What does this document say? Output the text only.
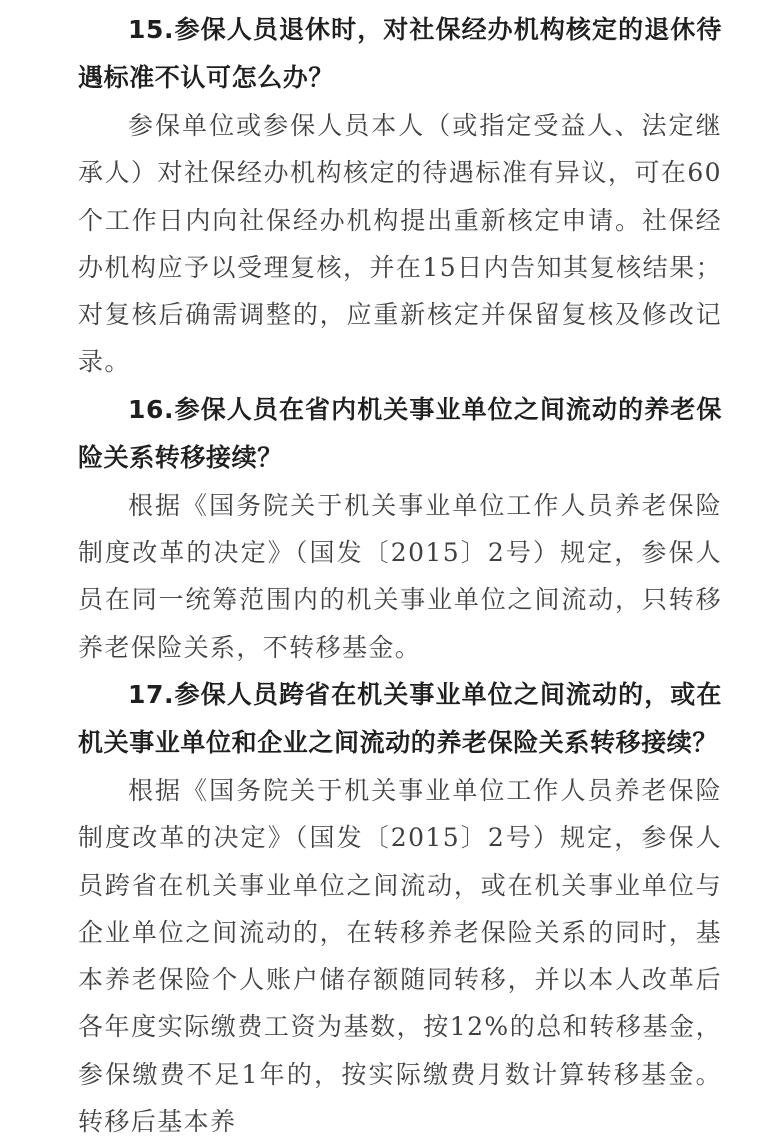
15.参保人员退休时，对社保经办机构核定的退休待遇标准不认可怎么办？

参保单位或参保人员本人（或指定受益人、法定继承人）对社保经办机构核定的待遇标准有异议，可在60个工作日内向社保经办机构提出重新核定申请。社保经办机构应予以受理复核，并在15日内告知其复核结果；对复核后确需调整的，应重新核定并保留复核及修改记录。

16.参保人员在省内机关事业单位之间流动的养老保险关系转移接续？

根据《国务院关于机关事业单位工作人员养老保险制度改革的决定》（国发〔2015〕2号）规定，参保人员在同一统筹范围内的机关事业单位之间流动，只转移养老保险关系，不转移基金。

17.参保人员跨省在机关事业单位之间流动的，或在机关事业单位和企业之间流动的养老保险关系转移接续？

根据《国务院关于机关事业单位工作人员养老保险制度改革的决定》（国发〔2015〕2号）规定，参保人员跨省在机关事业单位之间流动，或在机关事业单位与企业单位之间流动的，在转移养老保险关系的同时，基本养老保险个人账户储存额随同转移，并以本人改革后各年度实际缴费工资为基数，按12%的总和转移基金，参保缴费不足1年的，按实际缴费月数计算转移基金。转移后基本养
